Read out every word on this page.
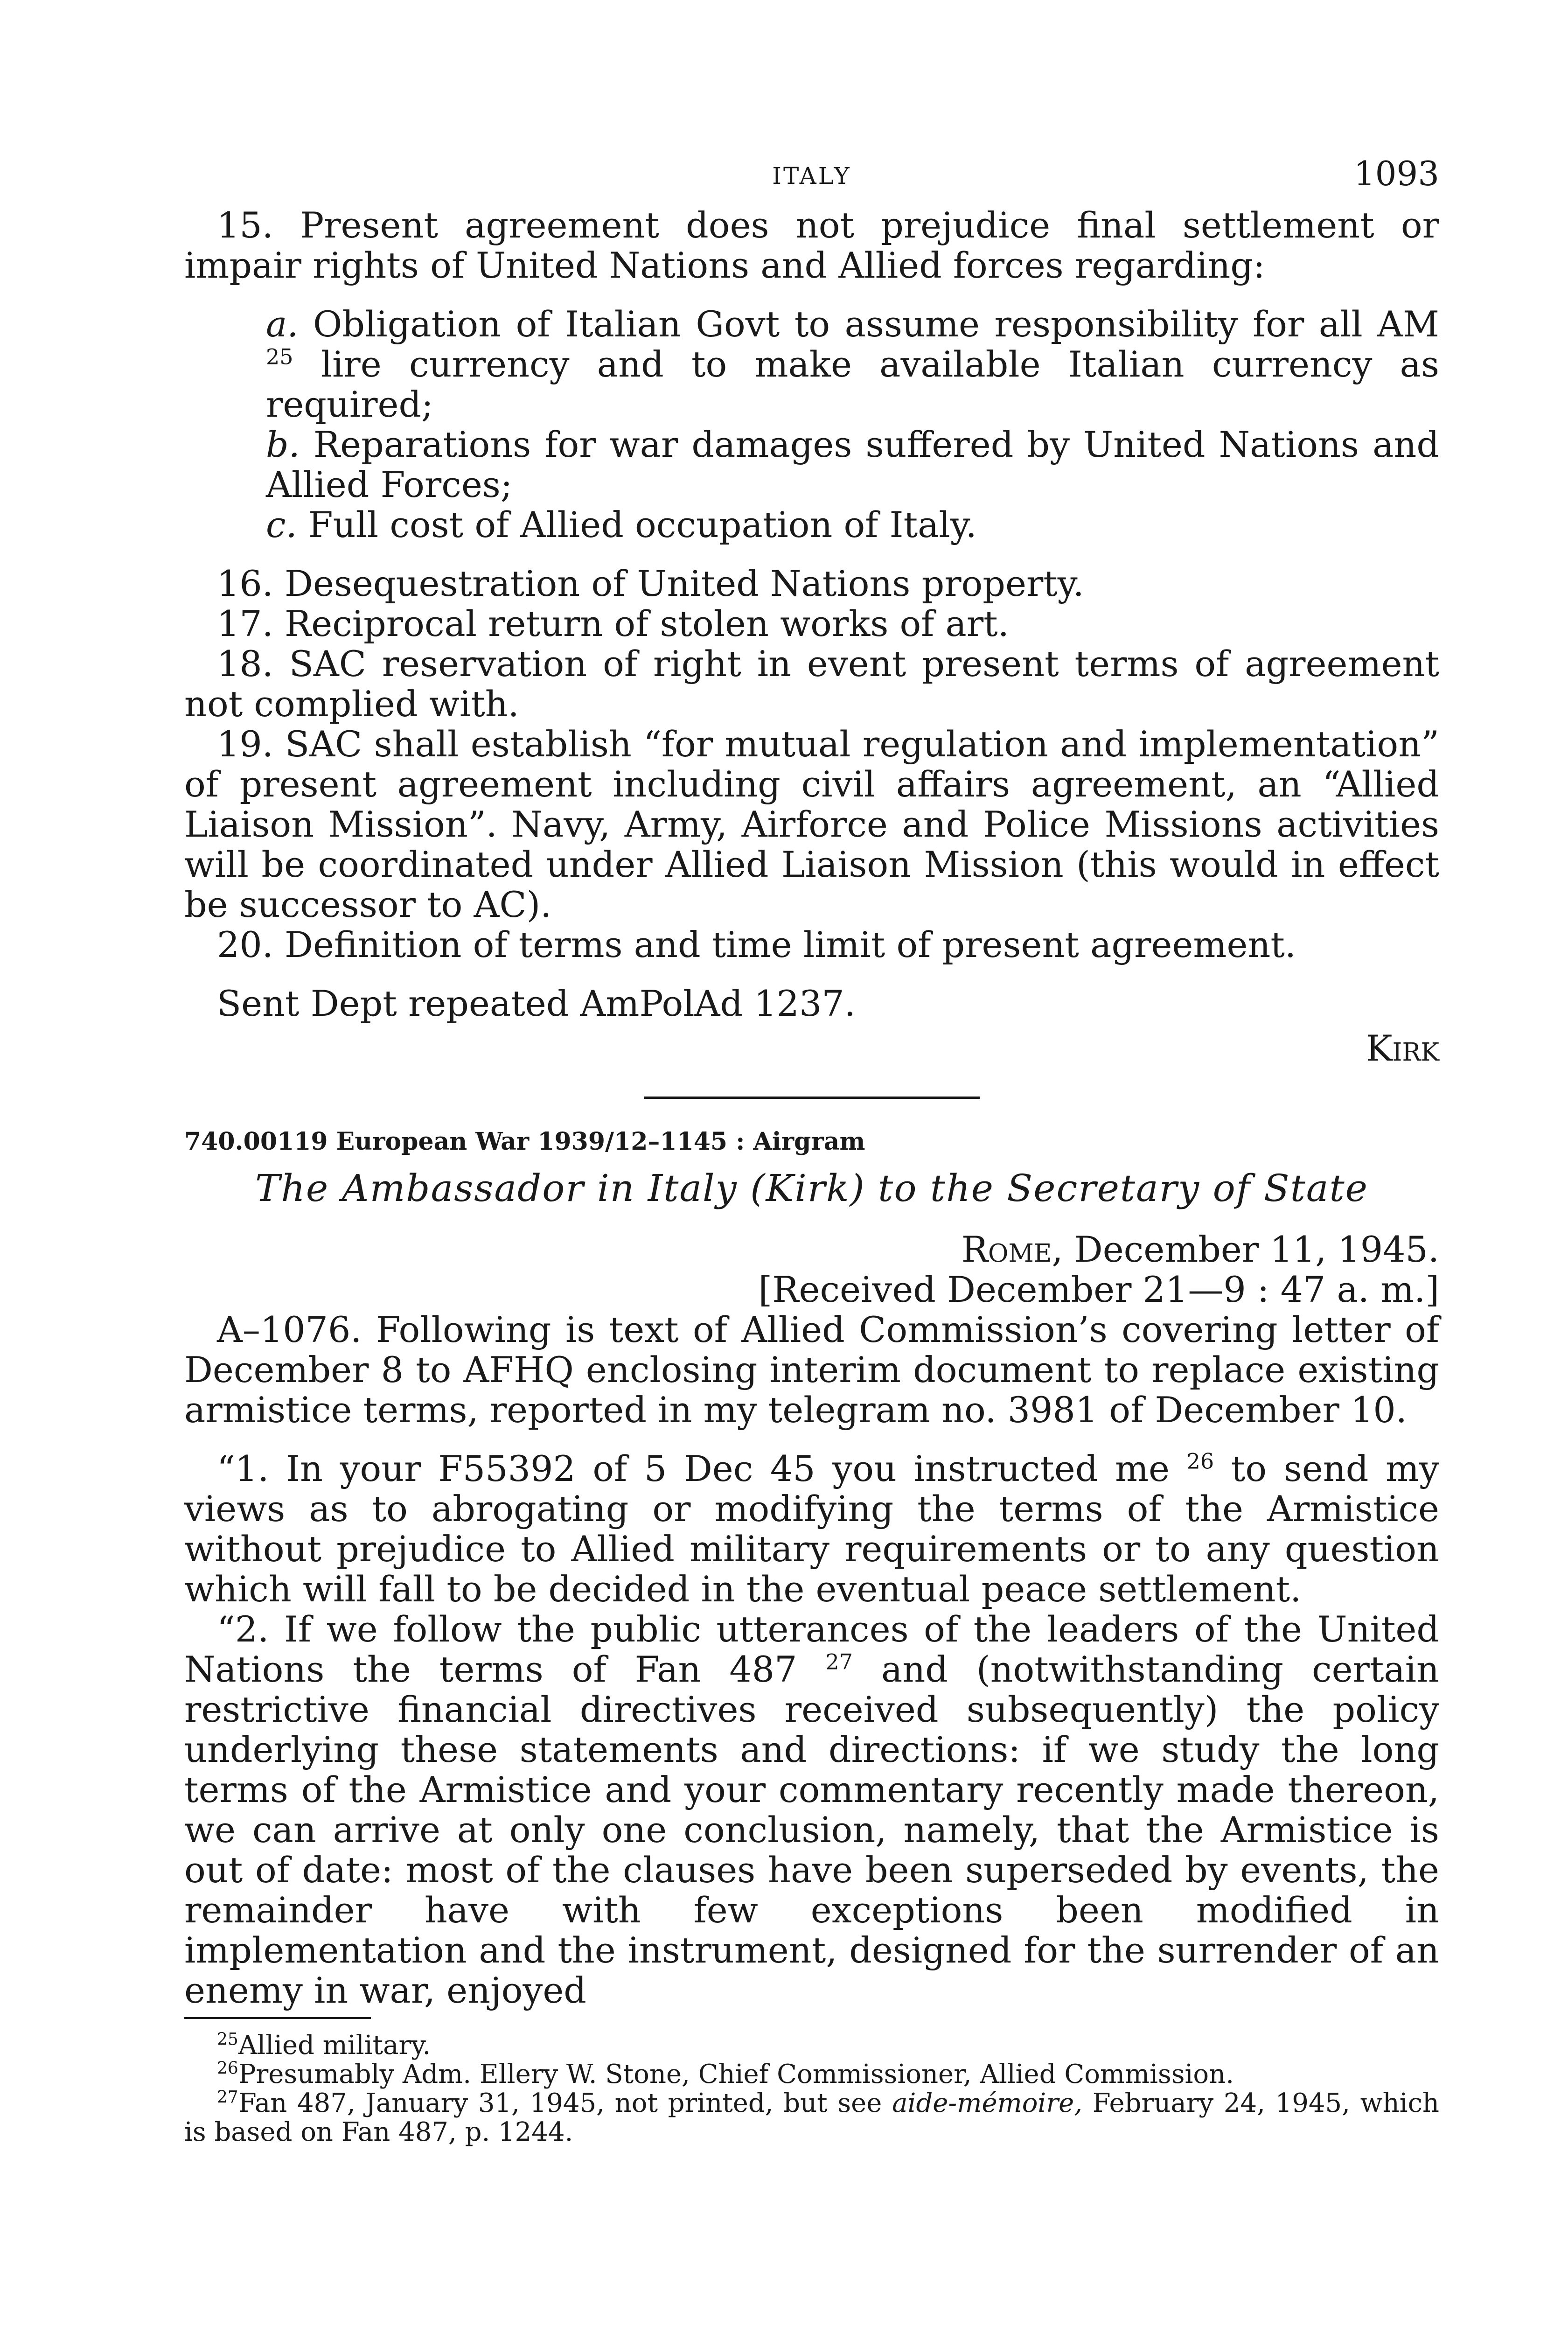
ITALY	1093

15. Present agreement does not prejudice final settlement or impair rights of United Nations and Allied forces regarding:

a. Obligation of Italian Govt to assume responsibility for all AM $^{25}$ lire currency and to make available Italian currency as required;

b. Reparations for war damages suffered by United Nations and Allied Forces;

c. Full cost of Allied occupation of Italy.

16. Desequestration of United Nations property.

17. Reciprocal return of stolen works of art.

18. SAC reservation of right in event present terms of agreement not complied with.

19. SAC shall establish “for mutual regulation and implementation” of present agreement including civil affairs agreement, an “Allied Liaison Mission”. Navy, Army, Airforce and Police Missions activities will be coordinated under Allied Liaison Mission (this would in effect be successor to AC).

20. Definition of terms and time limit of present agreement.

Sent Dept repeated AmPolAd 1237.

Kirk

740.00119 European War 1939/12–1145 : Airgram

The Ambassador in Italy (Kirk) to the Secretary of State

Rome, December 11, 1945.

[Received December 21—9 : 47 a. m.]

A–1076. Following is text of Allied Commission’s covering letter of December 8 to AFHQ enclosing interim document to replace existing armistice terms, reported in my telegram no. 3981 of December 10.

“1. In your F55392 of 5 Dec 45 you instructed me $^{26}$ to send my views as to abrogating or modifying the terms of the Armistice without prejudice to Allied military requirements or to any question which will fall to be decided in the eventual peace settlement.

“2. If we follow the public utterances of the leaders of the United Nations the terms of Fan 487 $^{27}$ and (notwithstanding certain restrictive financial directives received subsequently) the policy underlying these statements and directions: if we study the long terms of the Armistice and your commentary recently made thereon, we can arrive at only one conclusion, namely, that the Armistice is out of date: most of the clauses have been superseded by events, the remainder have with few exceptions been modified in implementation and the instrument, designed for the surrender of an enemy in war, enjoyed

$^{25}$Allied military.

$^{26}$Presumably Adm. Ellery W. Stone, Chief Commissioner, Allied Commission.

$^{27}$Fan 487, January 31, 1945, not printed, but see aide-mémoire, February 24, 1945, which is based on Fan 487, p. 1244.
